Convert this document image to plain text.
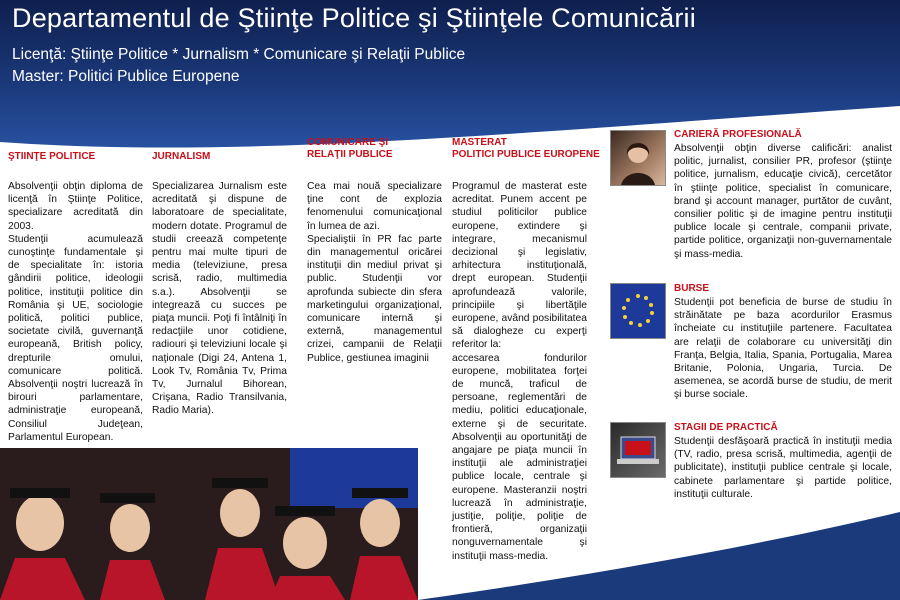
Departamentul de Ştiinţe Politice şi Ştiinţele Comunicării
Licenţă: Ştiinţe Politice * Jurnalism * Comunicare şi Relaţii Publice
Master: Politici Publice Europene
ŞTIINŢE POLITICE

Absolvenţii obţin diploma de licenţă în Ştiinţe Politice, specializare acreditată din 2003.

Studenţii acumulează cunoştinţe fundamentale şi de specialitate în: istoria gândirii politice, ideologii politice, instituţii politice din România şi UE, sociologie politică, politici publice, societate civilă, guvernanţă europeană, British policy, drepturile omului, comunicare politică. Absolvenţii noştri lucrează în birouri parlamentare, administraţie europeană, Consiliul Judeţean, Parlamentul European.

JURNALISM

Specializarea Jurnalism este acreditată şi dispune de laboratoare de specialitate, modern dotate. Programul de studii creează competenţe pentru mai multe tipuri de media (televiziune, presa scrisă, radio, multimedia s.a.). Absolvenţii se integrează cu succes pe piaţa muncii. Poţi fi întâlniţi în redacţiile unor cotidiene, radiouri şi televiziuni locale şi naţionale (Digi 24, Antena 1, Look Tv, România Tv, Prima Tv, Jurnalul Bihorean, Crişana, Radio Transilvania, Radio Maria).

COMUNICARE ŞI
RELAŢII PUBLICE

Cea mai nouă specializare ţine cont de explozia fenomenului comunicaţional în lumea de azi.

Specialiştii în PR fac parte din managementul oricărei instituţii din mediul privat şi public. Studenţii vor aprofunda subiecte din sfera marketingului organizaţional, comunicare internă şi externă, managementul crizei, campanii de Relaţii Publice, gestiunea imaginii

MASTERAT
POLITICI PUBLICE EUROPENE

Programul de masterat este acreditat. Punem accent pe studiul politicilor publice europene, extindere şi integrare, mecanismul decizional şi legislativ, arhitectura instituţională, drept european. Studenţii aprofundează valorile, principiile şi libertăţile europene, având posibilitatea să dialogheze cu experţi referitor la:

accesarea fondurilor europene, mobilitatea forţei de muncă, traficul de persoane, reglementări de mediu, politici educaţionale, externe şi de securitate. Absolvenţii au oportunităţi de angajare pe piaţa muncii în instituţii ale administraţiei publice locale, centrale şi europene. Masteranzii noştri lucrează în administraţie, justiţie, poliţie, poliţie de frontieră, organizaţii nonguvernamentale şi instituţii mass-media.

CARIERĂ PROFESIONALĂ

Absolvenţii obţin diverse calificări: analist politic, jurnalist, consilier PR, profesor (ştiinţe politice, jurnalism, educaţie civică), cercetător în ştiinţe politice, specialist în comunicare, brand şi account manager, purtător de cuvânt, consilier politic şi de imagine pentru instituţii publice locale şi centrale, companii private, partide politice, organizaţii non-guvernamentale şi mass-media.

BURSE

Studenţii pot beneficia de burse de studiu în străinătate pe baza acordurilor Erasmus încheiate cu instituţiile partenere. Facultatea are relaţii de colaborare cu universităţi din Franţa, Belgia, Italia, Spania, Portugalia, Marea Britanie, Polonia, Ungaria, Turcia. De asemenea, se acordă burse de studiu, de merit şi burse sociale.

STAGII DE PRACTICĂ

Studenţii desfăşoară practică în instituţii media (TV, radio, presa scrisă, multimedia, agenţii de publicitate), instituţii publice centrale şi locale, cabinete parlamentare şi partide politice, instituţii culturale.
